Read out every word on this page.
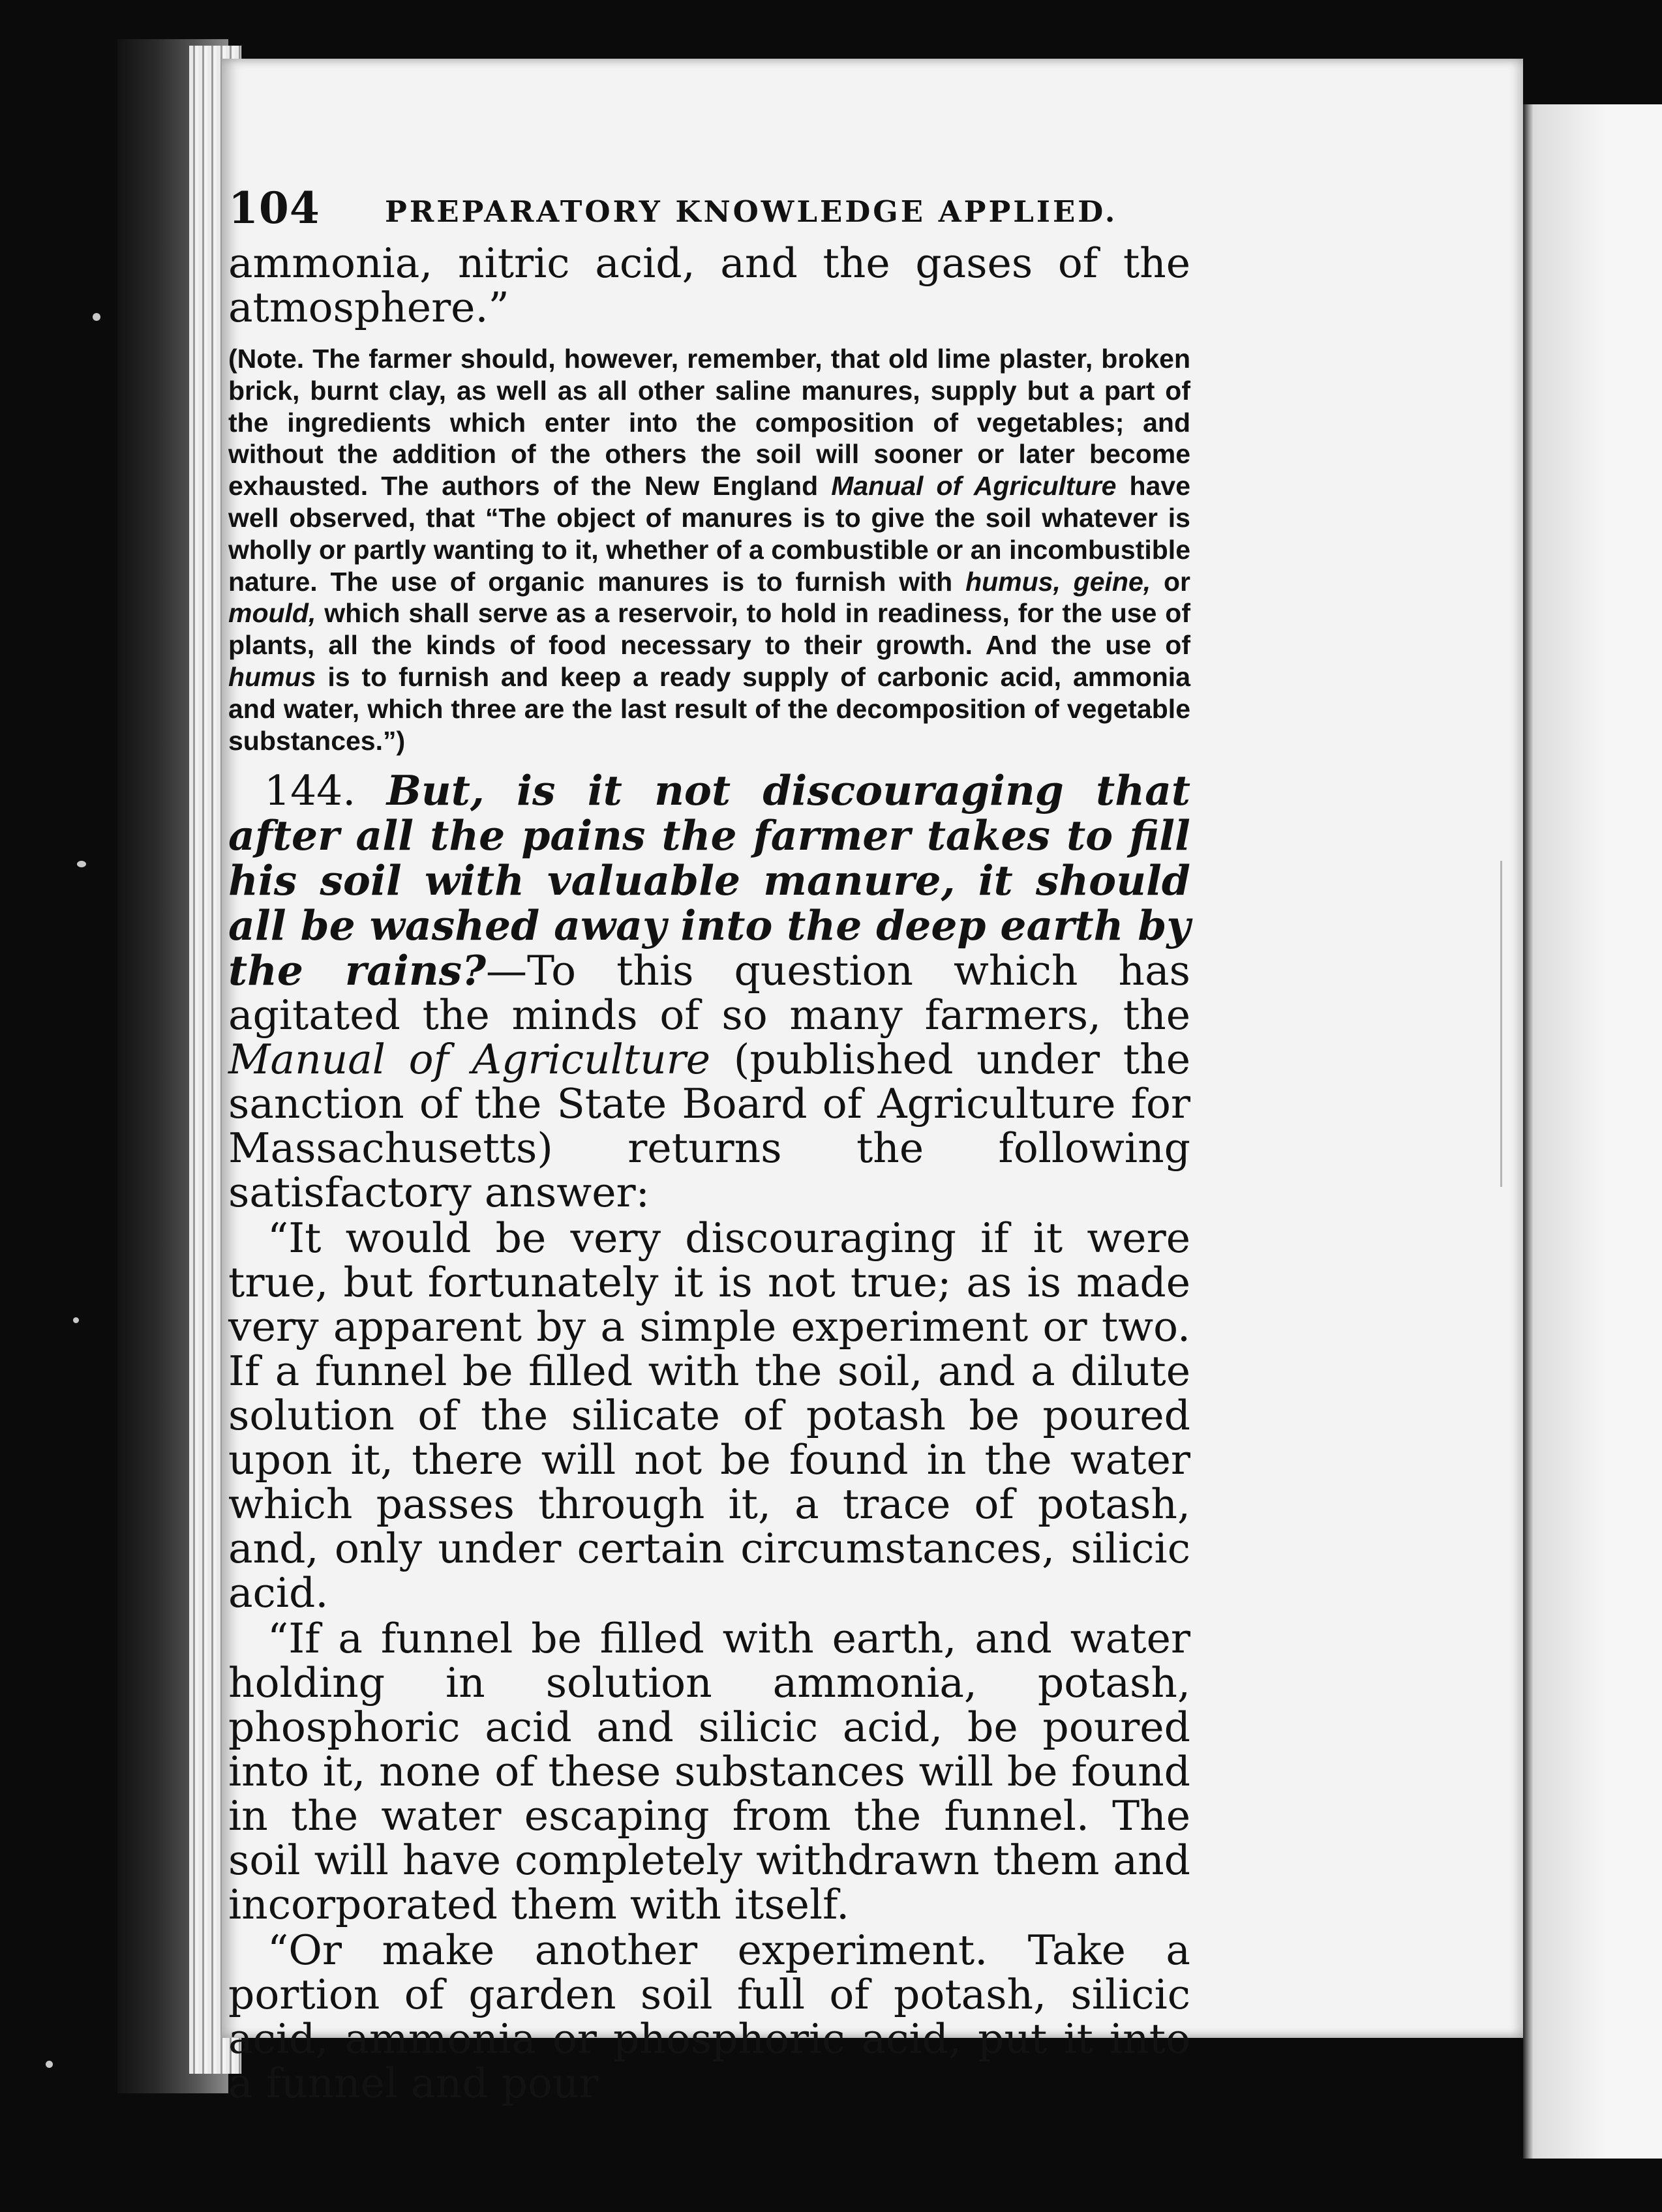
104 PREPARATORY KNOWLEDGE APPLIED.

ammonia, nitric acid, and the gases of the atmosphere.”

(Note. The farmer should, however, remember, that old lime plaster, broken brick, burnt clay, as well as all other saline manures, supply but a part of the ingredients which enter into the composition of vegetables; and without the addition of the others the soil will sooner or later become exhausted. The authors of the New England Manual of Agriculture have well observed, that “The object of manures is to give the soil whatever is wholly or partly wanting to it, whether of a combustible or an incombustible nature. The use of organic manures is to furnish with humus, geine, or mould, which shall serve as a reservoir, to hold in readiness, for the use of plants, all the kinds of food necessary to their growth. And the use of humus is to furnish and keep a ready supply of carbonic acid, ammonia and water, which three are the last result of the decomposition of vegetable substances.”)

144. But, is it not discouraging that after all the pains the farmer takes to fill his soil with valuable manure, it should all be washed away into the deep earth by the rains?—To this question which has agitated the minds of so many farmers, the Manual of Agriculture (published under the sanction of the State Board of Agriculture for Massachusetts) returns the following satisfactory answer:

“It would be very discouraging if it were true, but fortunately it is not true; as is made very apparent by a simple experiment or two. If a funnel be filled with the soil, and a dilute solution of the silicate of potash be poured upon it, there will not be found in the water which passes through it, a trace of potash, and, only under certain circumstances, silicic acid.

“If a funnel be filled with earth, and water holding in solution ammonia, potash, phosphoric acid and silicic acid, be poured into it, none of these substances will be found in the water escaping from the funnel. The soil will have completely withdrawn them and incorporated them with itself.

“Or make another experiment. Take a portion of garden soil full of potash, silicic acid, ammonia or phosphoric acid, put it into a funnel and pour
